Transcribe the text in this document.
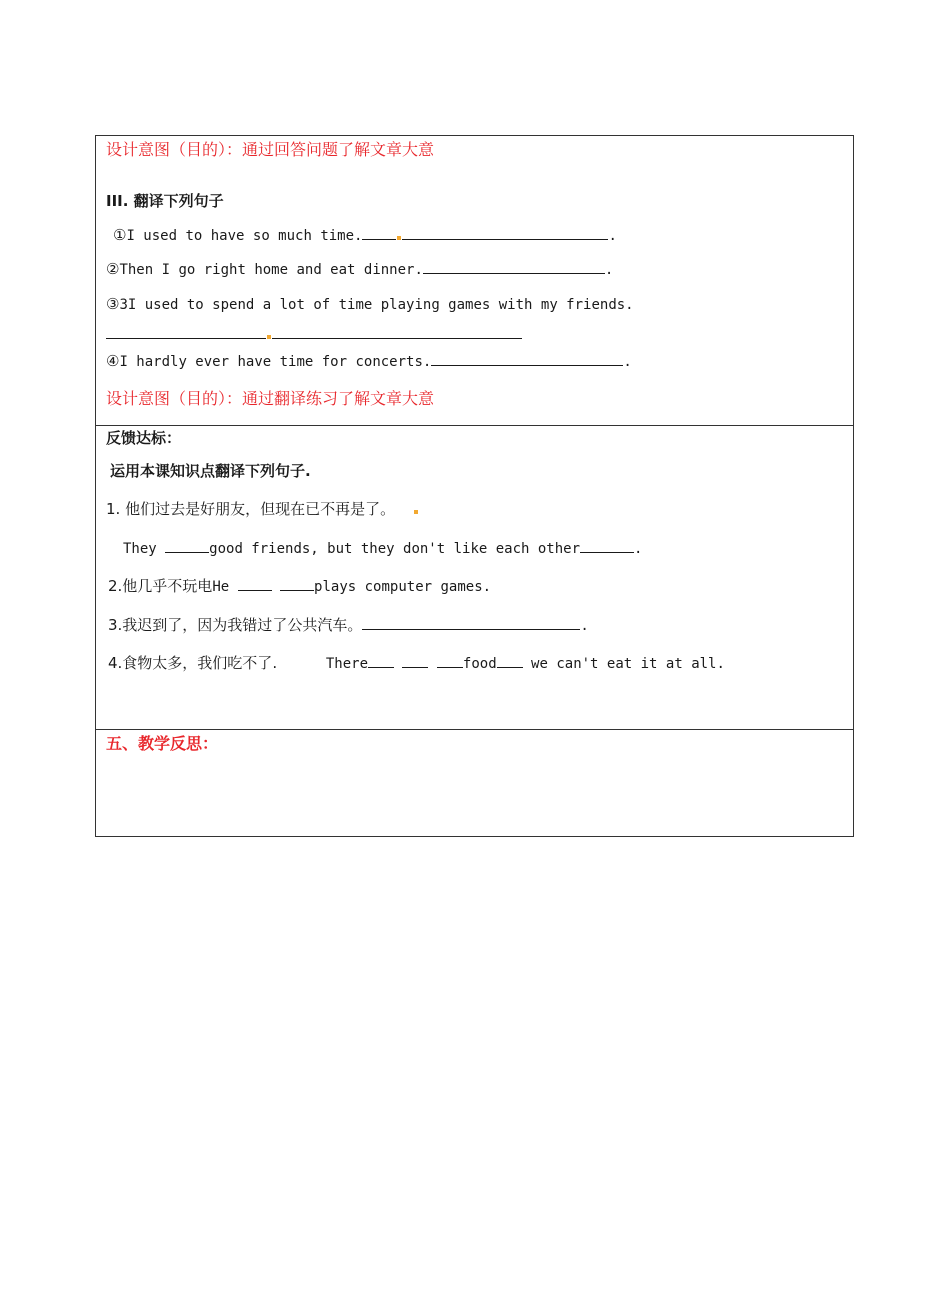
设计意图（目的）：通过回答问题了解文章大意
III. 翻译下列句子
①I used to have so much time.	.
②Then I go right home and eat dinner.	.
③3I used to spend a lot of time playing games with my friends.
④I hardly ever have time for concerts.	.
设计意图（目的）：通过翻译练习了解文章大意
反馈达标：
运用本课知识点翻译下列句子.
1. 他们过去是好朋友，但现在已不再是了。
They	good friends, but they don't like each other	.
2.他几乎不玩电He	plays computer games.
3.我迟到了，因为我错过了公共汽车。	.
4.食物太多，我们吃不了.	There	food we can't eat it at all.
五、教学反思：
